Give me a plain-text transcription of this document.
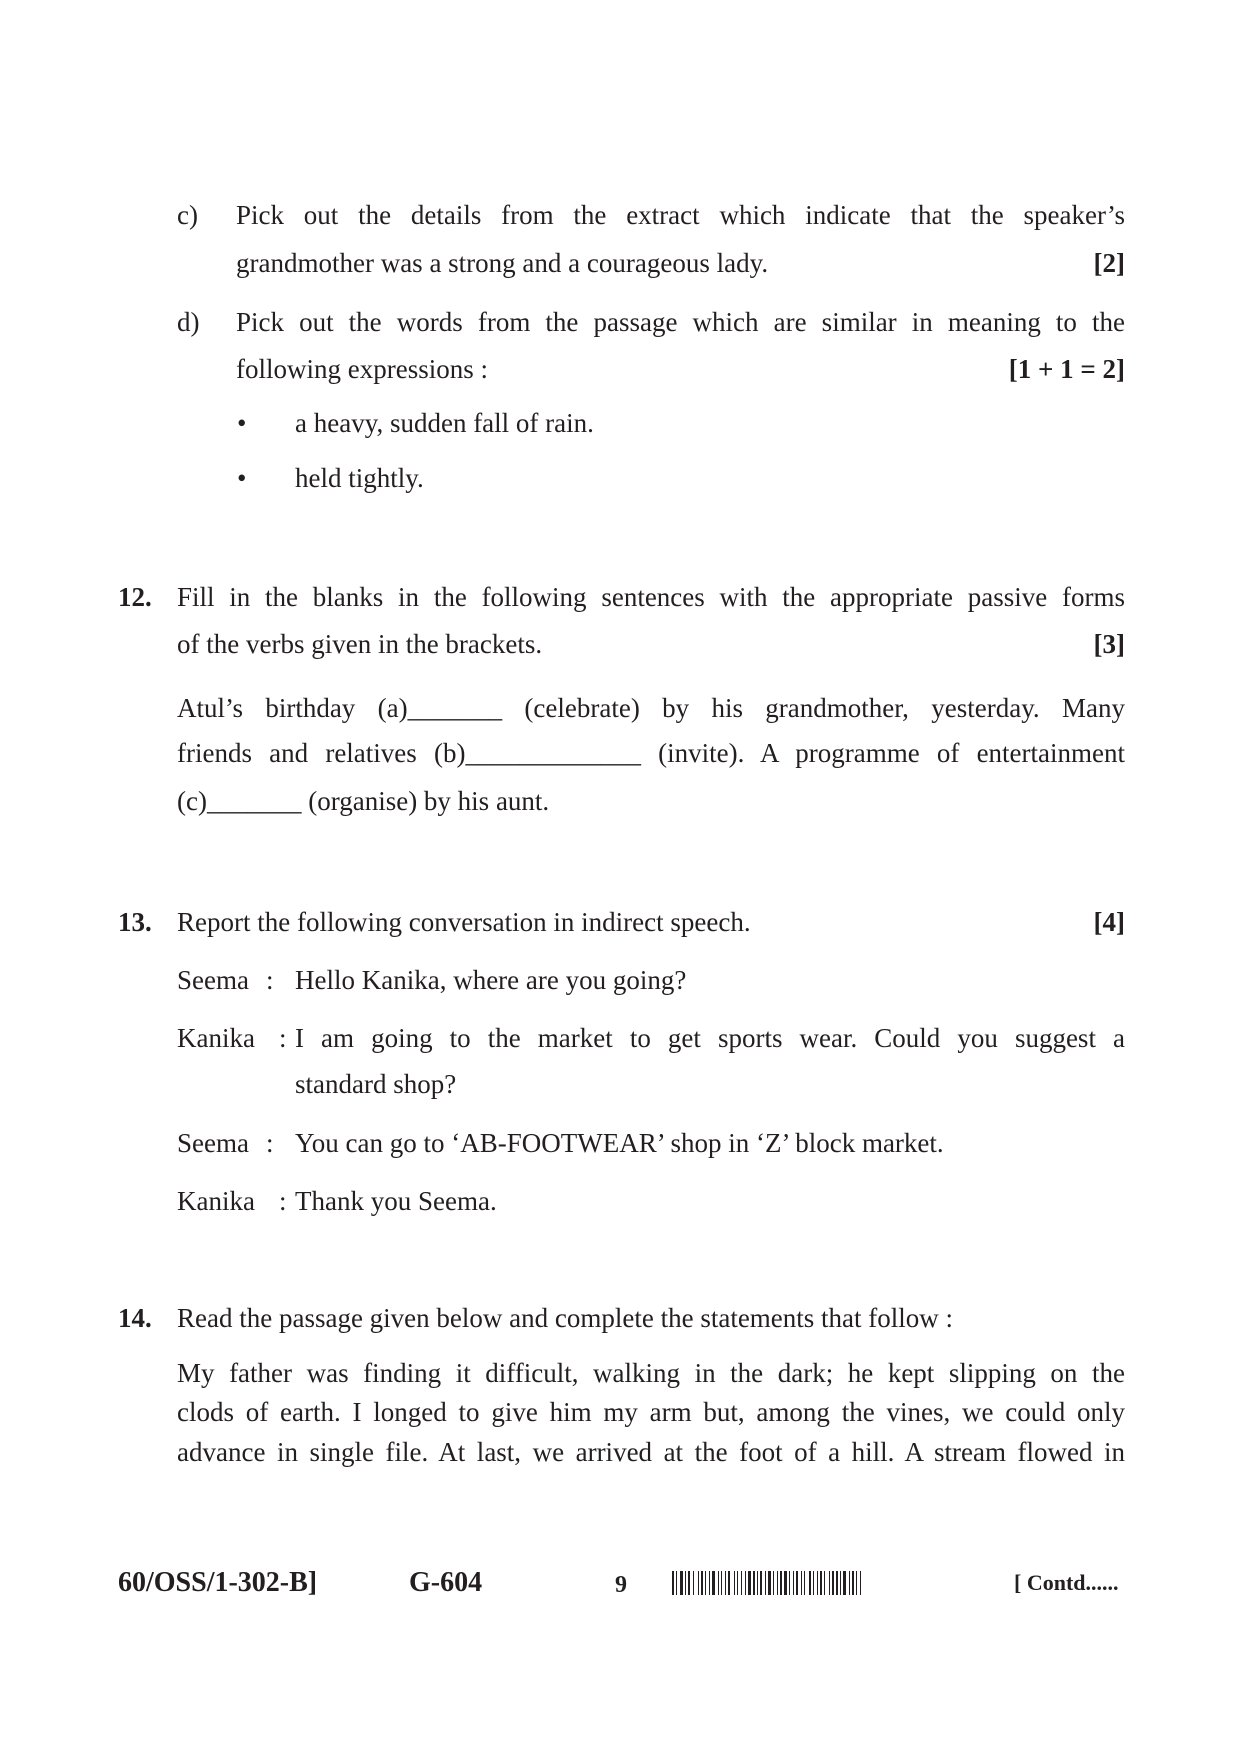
c) Pick out the details from the extract which indicate that the speaker’s
grandmother was a strong and a courageous lady.	[2]
d) Pick out the words from the passage which are similar in meaning to the
following expressions :	[1 + 1 = 2]
• a heavy, sudden fall of rain.
• held tightly.
12. Fill in the blanks in the following sentences with the appropriate passive forms
of the verbs given in the brackets.	[3]
Atul’s birthday (a)_______ (celebrate) by his grandmother, yesterday. Many
friends and relatives (b)_____________ (invite). A programme of entertainment
(c)_______ (organise) by his aunt.
13. Report the following conversation in indirect speech.	[4]
Seema : Hello Kanika, where are you going?
Kanika : I am going to the market to get sports wear. Could you suggest a
standard shop?
Seema : You can go to ‘AB-FOOTWEAR’ shop in ‘Z’ block market.
Kanika : Thank you Seema.
14. Read the passage given below and complete the statements that follow :
My father was finding it difficult, walking in the dark; he kept slipping on the
clods of earth. I longed to give him my arm but, among the vines, we could only
advance in single file. At last, we arrived at the foot of a hill. A stream flowed in
60/OSS/1-302-B]	G-604	9	[ Contd......
